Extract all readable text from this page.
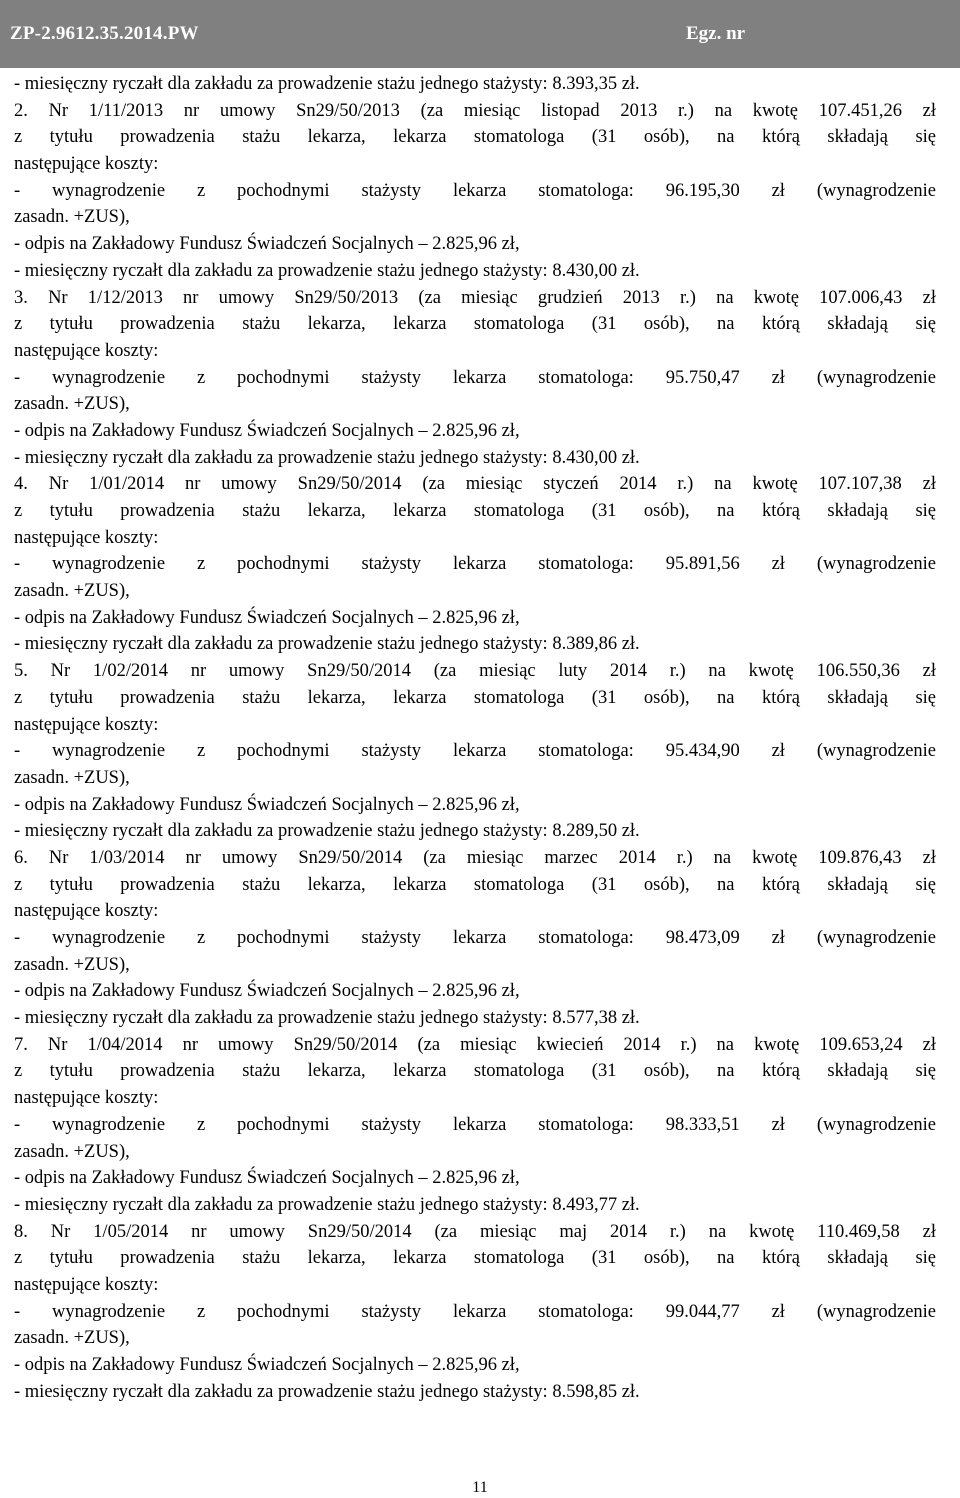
ZP-2.9612.35.2014.PW	Egz. nr
- miesięczny ryczałt dla zakładu za prowadzenie stażu jednego stażysty: 8.393,35 zł.
2. Nr 1/11/2013 nr umowy Sn29/50/2013 (za miesiąc listopad 2013 r.) na kwotę 107.451,26 zł
z tytułu prowadzenia stażu lekarza, lekarza stomatologa (31 osób), na którą składają się
następujące koszty:
- wynagrodzenie z pochodnymi stażysty lekarza stomatologa: 96.195,30 zł (wynagrodzenie
zasadn. +ZUS),
- odpis na Zakładowy Fundusz Świadczeń Socjalnych – 2.825,96 zł,
- miesięczny ryczałt dla zakładu za prowadzenie stażu jednego stażysty: 8.430,00 zł.
3. Nr 1/12/2013 nr umowy Sn29/50/2013 (za miesiąc grudzień 2013 r.) na kwotę 107.006,43 zł
z tytułu prowadzenia stażu lekarza, lekarza stomatologa (31 osób), na którą składają się
następujące koszty:
- wynagrodzenie z pochodnymi stażysty lekarza stomatologa: 95.750,47 zł (wynagrodzenie
zasadn. +ZUS),
- odpis na Zakładowy Fundusz Świadczeń Socjalnych – 2.825,96 zł,
- miesięczny ryczałt dla zakładu za prowadzenie stażu jednego stażysty: 8.430,00 zł.
4. Nr 1/01/2014 nr umowy Sn29/50/2014 (za miesiąc styczeń 2014 r.) na kwotę 107.107,38 zł
z tytułu prowadzenia stażu lekarza, lekarza stomatologa (31 osób), na którą składają się
następujące koszty:
- wynagrodzenie z pochodnymi stażysty lekarza stomatologa: 95.891,56 zł (wynagrodzenie
zasadn. +ZUS),
- odpis na Zakładowy Fundusz Świadczeń Socjalnych – 2.825,96 zł,
- miesięczny ryczałt dla zakładu za prowadzenie stażu jednego stażysty: 8.389,86 zł.
5. Nr 1/02/2014 nr umowy Sn29/50/2014 (za miesiąc luty 2014 r.) na kwotę 106.550,36 zł
z tytułu prowadzenia stażu lekarza, lekarza stomatologa (31 osób), na którą składają się
następujące koszty:
- wynagrodzenie z pochodnymi stażysty lekarza stomatologa: 95.434,90 zł (wynagrodzenie
zasadn. +ZUS),
- odpis na Zakładowy Fundusz Świadczeń Socjalnych – 2.825,96 zł,
- miesięczny ryczałt dla zakładu za prowadzenie stażu jednego stażysty: 8.289,50 zł.
6. Nr 1/03/2014 nr umowy Sn29/50/2014 (za miesiąc marzec 2014 r.) na kwotę 109.876,43 zł
z tytułu prowadzenia stażu lekarza, lekarza stomatologa (31 osób), na którą składają się
następujące koszty:
- wynagrodzenie z pochodnymi stażysty lekarza stomatologa: 98.473,09 zł (wynagrodzenie
zasadn. +ZUS),
- odpis na Zakładowy Fundusz Świadczeń Socjalnych – 2.825,96 zł,
- miesięczny ryczałt dla zakładu za prowadzenie stażu jednego stażysty: 8.577,38 zł.
7. Nr 1/04/2014 nr umowy Sn29/50/2014 (za miesiąc kwiecień 2014 r.) na kwotę 109.653,24 zł
z tytułu prowadzenia stażu lekarza, lekarza stomatologa (31 osób), na którą składają się
następujące koszty:
- wynagrodzenie z pochodnymi stażysty lekarza stomatologa: 98.333,51 zł (wynagrodzenie
zasadn. +ZUS),
- odpis na Zakładowy Fundusz Świadczeń Socjalnych – 2.825,96 zł,
- miesięczny ryczałt dla zakładu za prowadzenie stażu jednego stażysty: 8.493,77 zł.
8. Nr 1/05/2014 nr umowy Sn29/50/2014 (za miesiąc maj 2014 r.) na kwotę 110.469,58 zł
z tytułu prowadzenia stażu lekarza, lekarza stomatologa (31 osób), na którą składają się
następujące koszty:
- wynagrodzenie z pochodnymi stażysty lekarza stomatologa: 99.044,77 zł (wynagrodzenie
zasadn. +ZUS),
- odpis na Zakładowy Fundusz Świadczeń Socjalnych – 2.825,96 zł,
- miesięczny ryczałt dla zakładu za prowadzenie stażu jednego stażysty: 8.598,85 zł.
11
